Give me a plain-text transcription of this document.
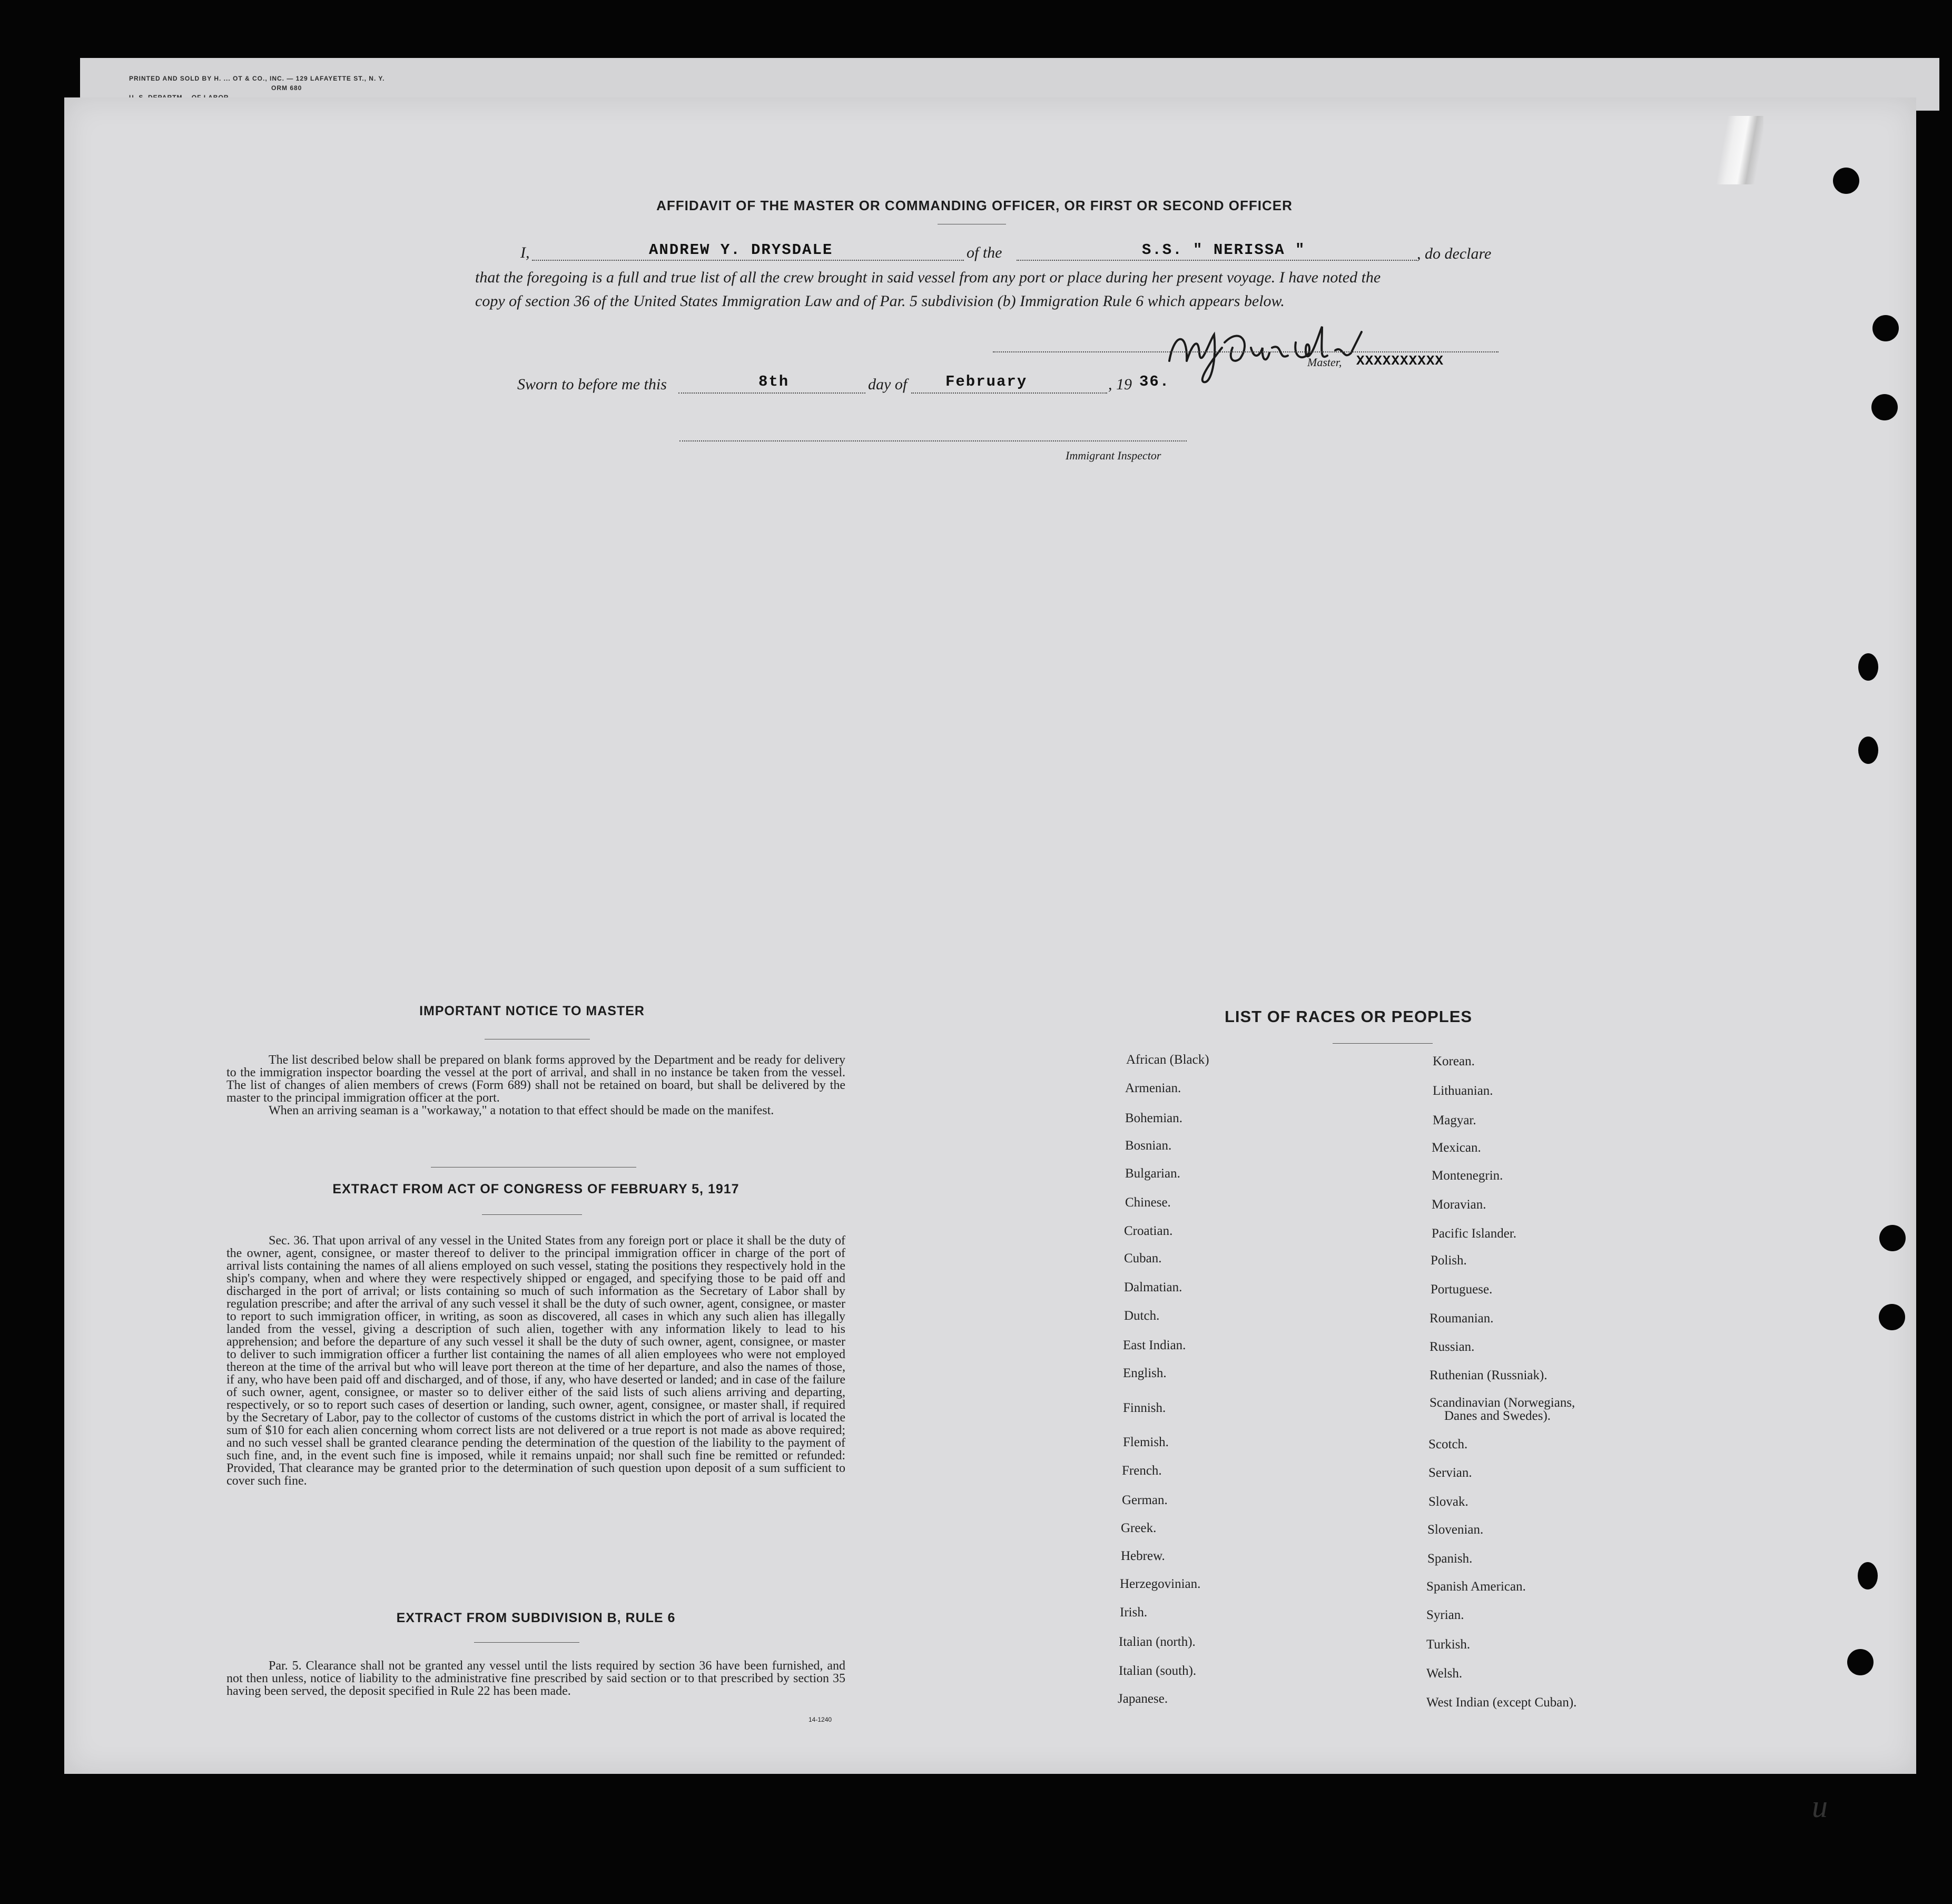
PRINTED AND SOLD BY H. ... OT & CO., INC. — 129 LAFAYETTE ST., N. Y.
ORM 680
AFFIDAVIT OF THE MASTER OR COMMANDING OFFICER, OR FIRST OR SECOND OFFICER
I,	ANDREW Y. DRYSDALE	of the	S.S. " NERISSA "	, do declare
that the foregoing is a full and true list of all the crew brought in said vessel from any port or place during her present voyage. I have noted the
copy of section 36 of the United States Immigration Law and of Par. 5 subdivision (b) Immigration Rule 6 which appears below.
Master, XXXXXXXXXX
Sworn to before me this	8th	day of	February	, 19 36.
Immigrant Inspector
IMPORTANT NOTICE TO MASTER

The list described below shall be prepared on blank forms approved by the Department and be ready for delivery to the immigration inspector boarding the vessel at the port of arrival, and shall in no instance be taken from the vessel. The list of changes of alien members of crews (Form 689) shall not be retained on board, but shall be delivered by the master to the principal immigration officer at the port.

When an arriving seaman is a "workaway," a notation to that effect should be made on the manifest.

EXTRACT FROM ACT OF CONGRESS OF FEBRUARY 5, 1917

Sec. 36. That upon arrival of any vessel in the United States from any foreign port or place it shall be the duty of the owner, agent, consignee, or master thereof to deliver to the principal immigration officer in charge of the port of arrival lists containing the names of all aliens employed on such vessel, stating the positions they respectively hold in the ship's company, when and where they were respectively shipped or engaged, and specifying those to be paid off and discharged in the port of arrival; or lists containing so much of such information as the Secretary of Labor shall by regulation prescribe; and after the arrival of any such vessel it shall be the duty of such owner, agent, consignee, or master to report to such immigration officer, in writing, as soon as discovered, all cases in which any such alien has illegally landed from the vessel, giving a description of such alien, together with any information likely to lead to his apprehension; and before the departure of any such vessel it shall be the duty of such owner, agent, consignee, or master to deliver to such immigration officer a further list containing the names of all alien employees who were not employed thereon at the time of the arrival but who will leave port thereon at the time of her departure, and also the names of those, if any, who have been paid off and discharged, and of those, if any, who have deserted or landed; and in case of the failure of such owner, agent, consignee, or master so to deliver either of the said lists of such aliens arriving and departing, respectively, or so to report such cases of desertion or landing, such owner, agent, consignee, or master shall, if required by the Secretary of Labor, pay to the collector of customs of the customs district in which the port of arrival is located the sum of $10 for each alien concerning whom correct lists are not delivered or a true report is not made as above required; and no such vessel shall be granted clearance pending the determination of the question of the liability to the payment of such fine, and, in the event such fine is imposed, while it remains unpaid; nor shall such fine be remitted or refunded: Provided, That clearance may be granted prior to the determination of such question upon deposit of a sum sufficient to cover such fine.

EXTRACT FROM SUBDIVISION B, RULE 6

Par. 5. Clearance shall not be granted any vessel until the lists required by section 36 have been furnished, and not then unless, notice of liability to the administrative fine prescribed by said section or to that prescribed by section 35 having been served, the deposit specified in Rule 22 has been made.

14-1240
LIST OF RACES OR PEOPLES
African (Black)
Armenian.
Bohemian.
Bosnian.
Bulgarian.
Chinese.
Croatian.
Cuban.
Dalmatian.
Dutch.
East Indian.
English.
Finnish.
Flemish.
French.
German.
Greek.
Hebrew.
Herzegovinian.
Irish.
Italian (north).
Italian (south).
Japanese.
Korean.
Lithuanian.
Magyar.
Mexican.
Montenegrin.
Moravian.
Pacific Islander.
Polish.
Portuguese.
Roumanian.
Russian.
Ruthenian (Russniak).
Scandinavian (Norwegians,
Danes and Swedes).
Scotch.
Servian.
Slovak.
Slovenian.
Spanish.
Spanish American.
Syrian.
Turkish.
Welsh.
West Indian (except Cuban).
u
